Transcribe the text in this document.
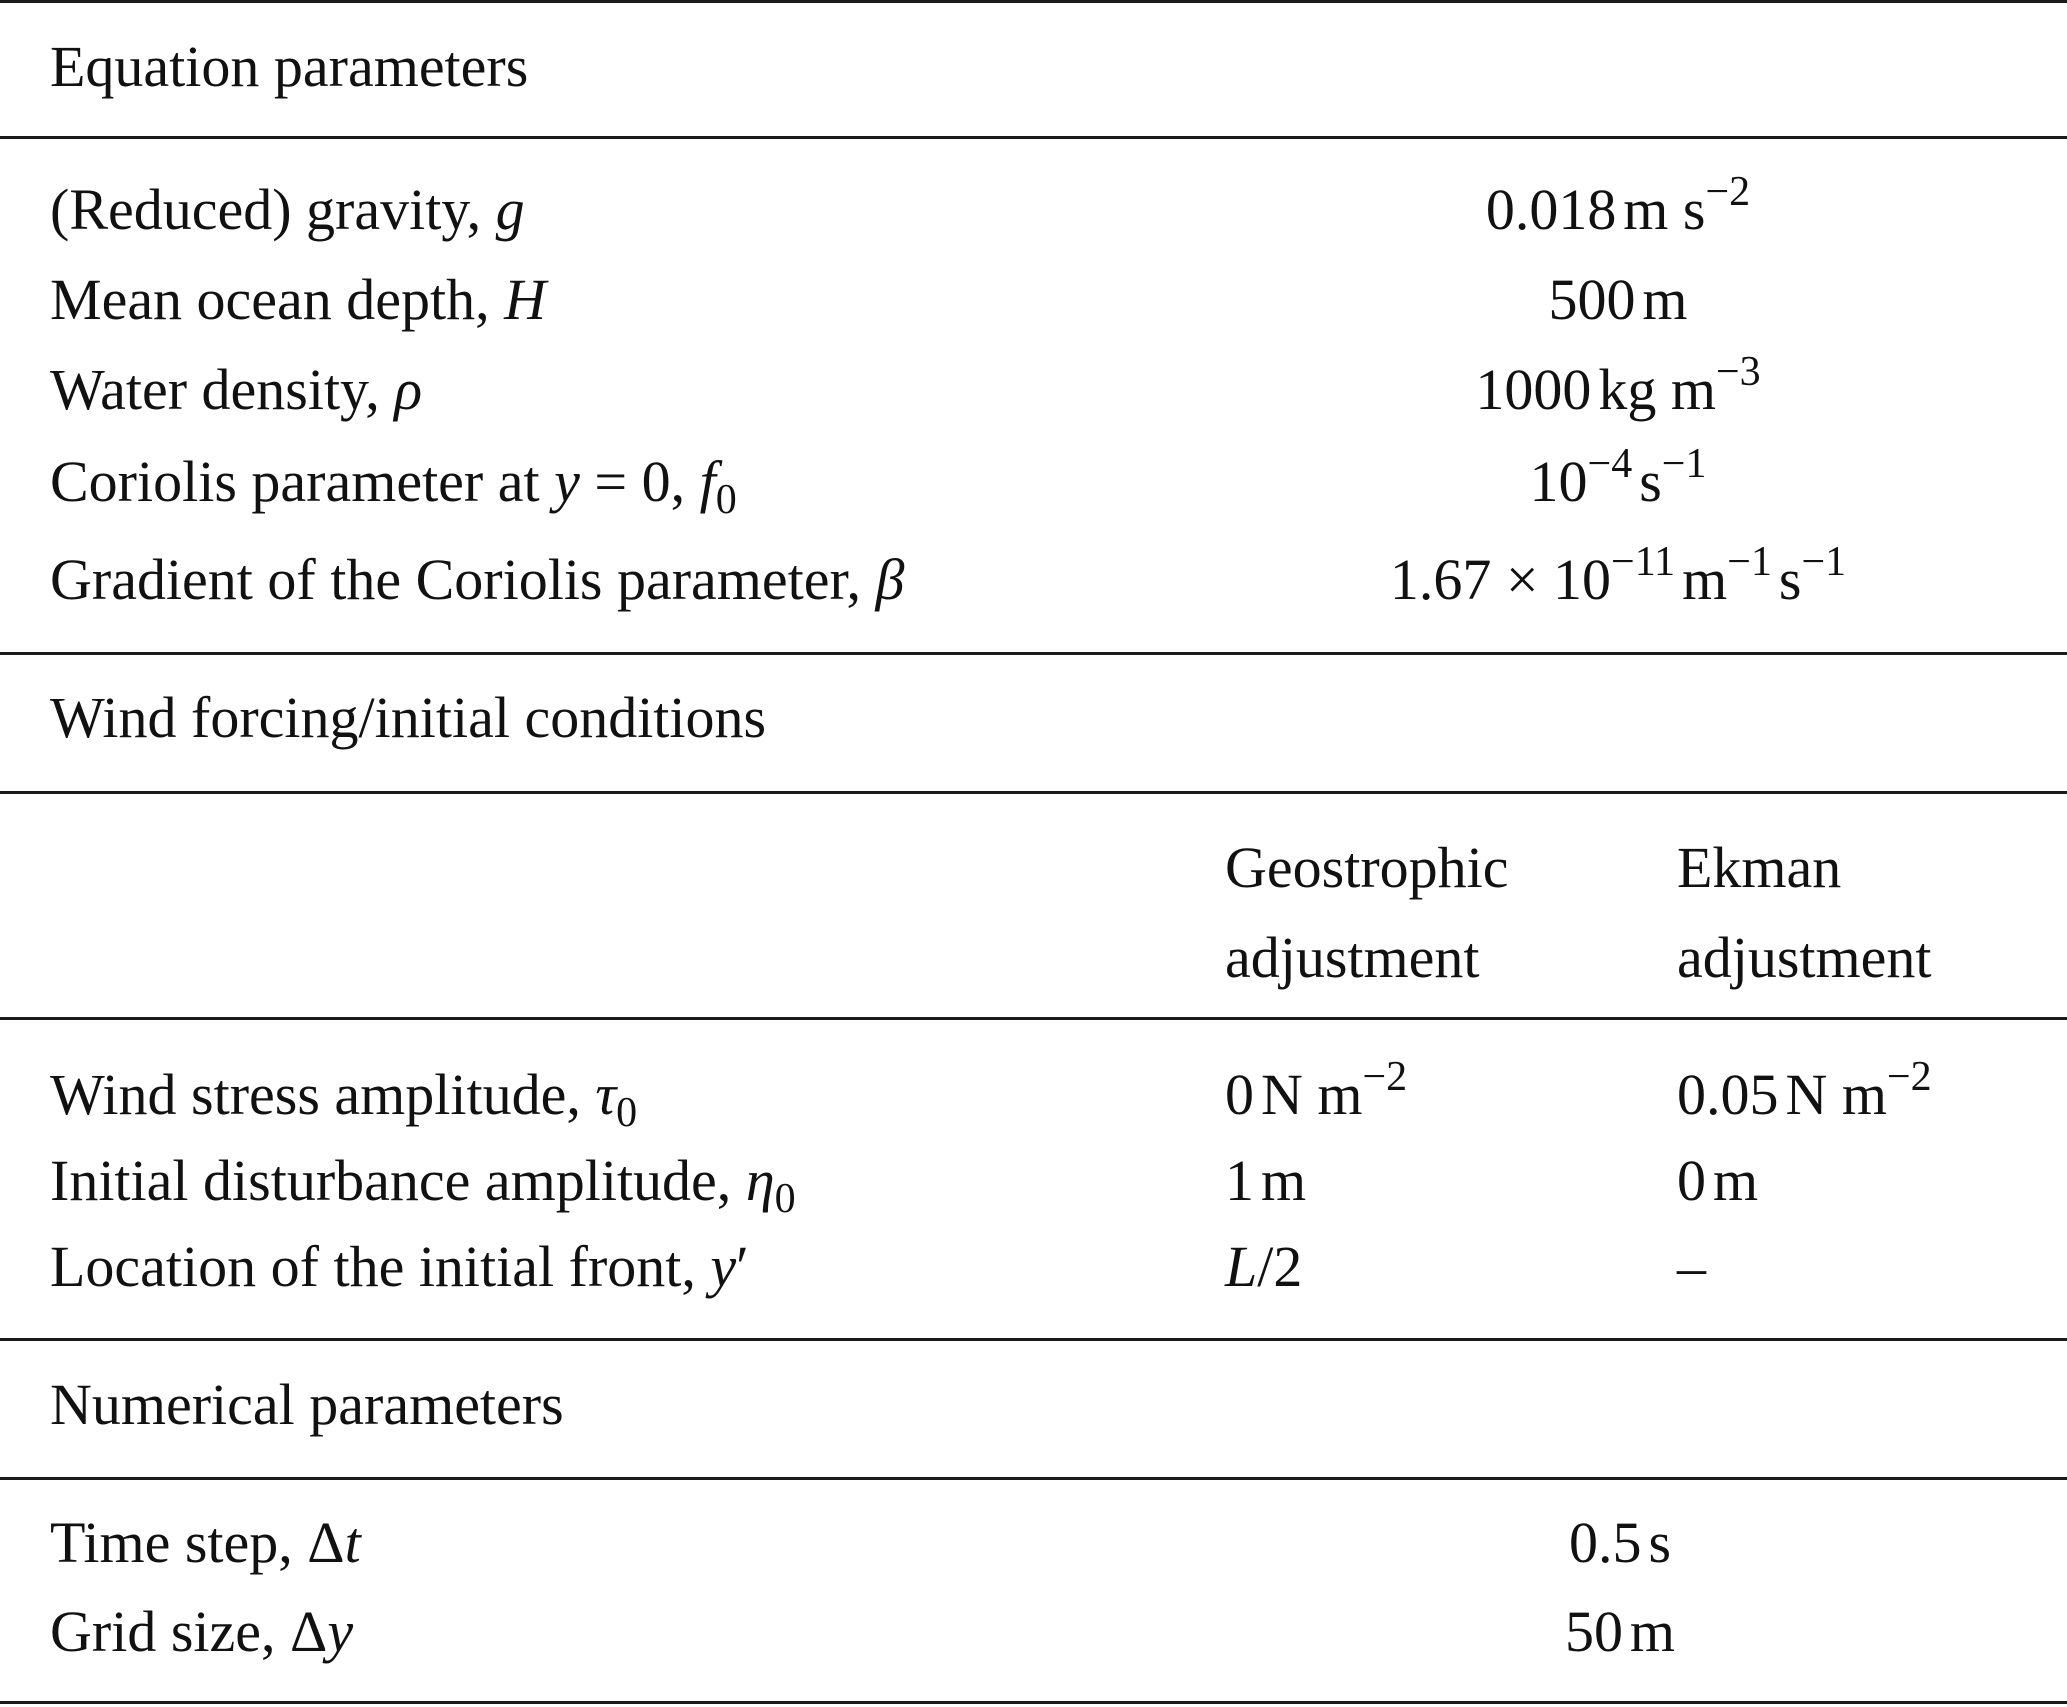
Equation parameters
(Reduced) gravity, g
Mean ocean depth, H
Water density, ρ
Coriolis parameter at y = 0, $f_0$
Gradient of the Coriolis parameter, β
0.018 m $s^{-2}$
500 m
1000 kg $m^{-3}$
$10^{-4}$ $s^{-1}$
$1.67 \times 10^{-11}$ $m^{-1}$ $s^{-1}$
Wind forcing/initial conditions
Geostrophic
adjustment
Ekman
adjustment
Wind stress amplitude, $\tau_0$
Initial disturbance amplitude, $\eta_0$
Location of the initial front, y′
0 N $m^{-2}$
1 m
L/2
0.05 N $m^{-2}$
0 m
–
Numerical parameters
Time step, Δt
Grid size, Δy
0.5 s
50 m
